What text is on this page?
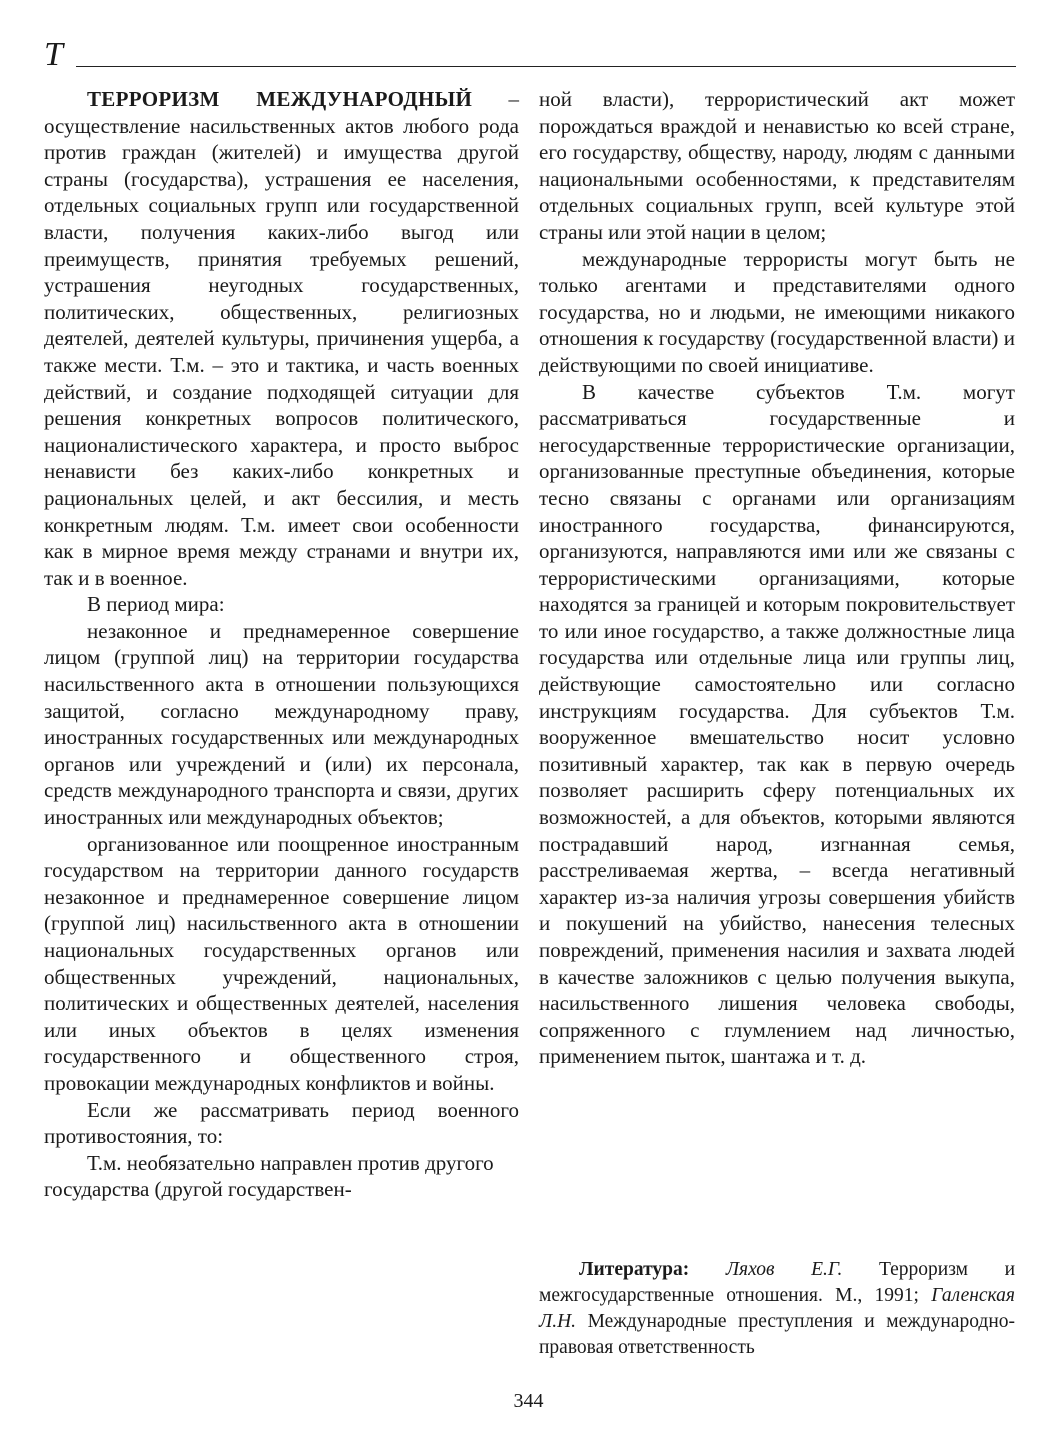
T

ТЕРРОРИЗМ МЕЖДУНАРОДНЫЙ – осуществление насильственных актов любого рода против граждан (жителей) и имущества другой страны (государства), устрашения ее населения, отдельных социальных групп или государственной власти, получения каких-либо выгод или преимуществ, принятия требуемых решений, устрашения неугодных государственных, политических, общественных, религиозных деятелей, деятелей культуры, причинения ущерба, а также мести. Т.м. – это и тактика, и часть военных действий, и создание подходящей ситуации для решения конкретных вопросов политического, националистического характера, и просто выброс ненависти без каких-либо конкретных и рациональных целей, и акт бессилия, и месть конкретным людям. Т.м. имеет свои особенности как в мирное время между странами и внутри их, так и в военное.

В период мира:

незаконное и преднамеренное совершение лицом (группой лиц) на территории государства насильственного акта в отношении пользующихся защитой, согласно международному праву, иностранных государственных или международных органов или учреждений и (или) их персонала, средств международного транспорта и связи, других иностранных или международных объектов;

организованное или поощренное иностранным государством на территории данного государств незаконное и преднамеренное совершение лицом (группой лиц) насильственного акта в отношении национальных государственных органов или общественных учреждений, национальных, политических и общественных деятелей, населения или иных объектов в целях изменения государственного и общественного строя, провокации международных конфликтов и войны.

Если же рассматривать период военного противостояния, то:

Т.м. необязательно направлен против другого государства (другой государствен-

ной власти), террористический акт может порождаться враждой и ненавистью ко всей стране, его государству, обществу, народу, людям с данными национальными особенностями, к представителям отдельных социальных групп, всей культуре этой страны или этой нации в целом;

международные террористы могут быть не только агентами и представителями одного государства, но и людьми, не имеющими никакого отношения к государству (государственной власти) и действующими по своей инициативе.

В качестве субъектов Т.м. могут рассматриваться государственные и негосударственные террористические организации, организованные преступные объединения, которые тесно связаны с органами или организациям иностранного государства, финансируются, организуются, направляются ими или же связаны с террористическими организациями, которые находятся за границей и которым покровительствует то или иное государство, а также должностные лица государства или отдельные лица или группы лиц, действующие самостоятельно или согласно инструкциям государства. Для субъектов Т.м. вооруженное вмешательство носит условно позитивный характер, так как в первую очередь позволяет расширить сферу потенциальных их возможностей, а для объектов, которыми являются пострадавший народ, изгнанная семья, расстреливаемая жертва, – всегда негативный характер из-за наличия угрозы совершения убийств и покушений на убийство, нанесения телесных повреждений, применения насилия и захвата людей в качестве заложников с целью получения выкупа, насильственного лишения человека свободы, сопряженного с глумлением над личностью, применением пыток, шантажа и т. д.

Литература: Ляхов Е.Г. Терроризм и межгосударственные отношения. М., 1991; Галенская Л.Н. Международные преступления и международно-правовая ответственность

344
